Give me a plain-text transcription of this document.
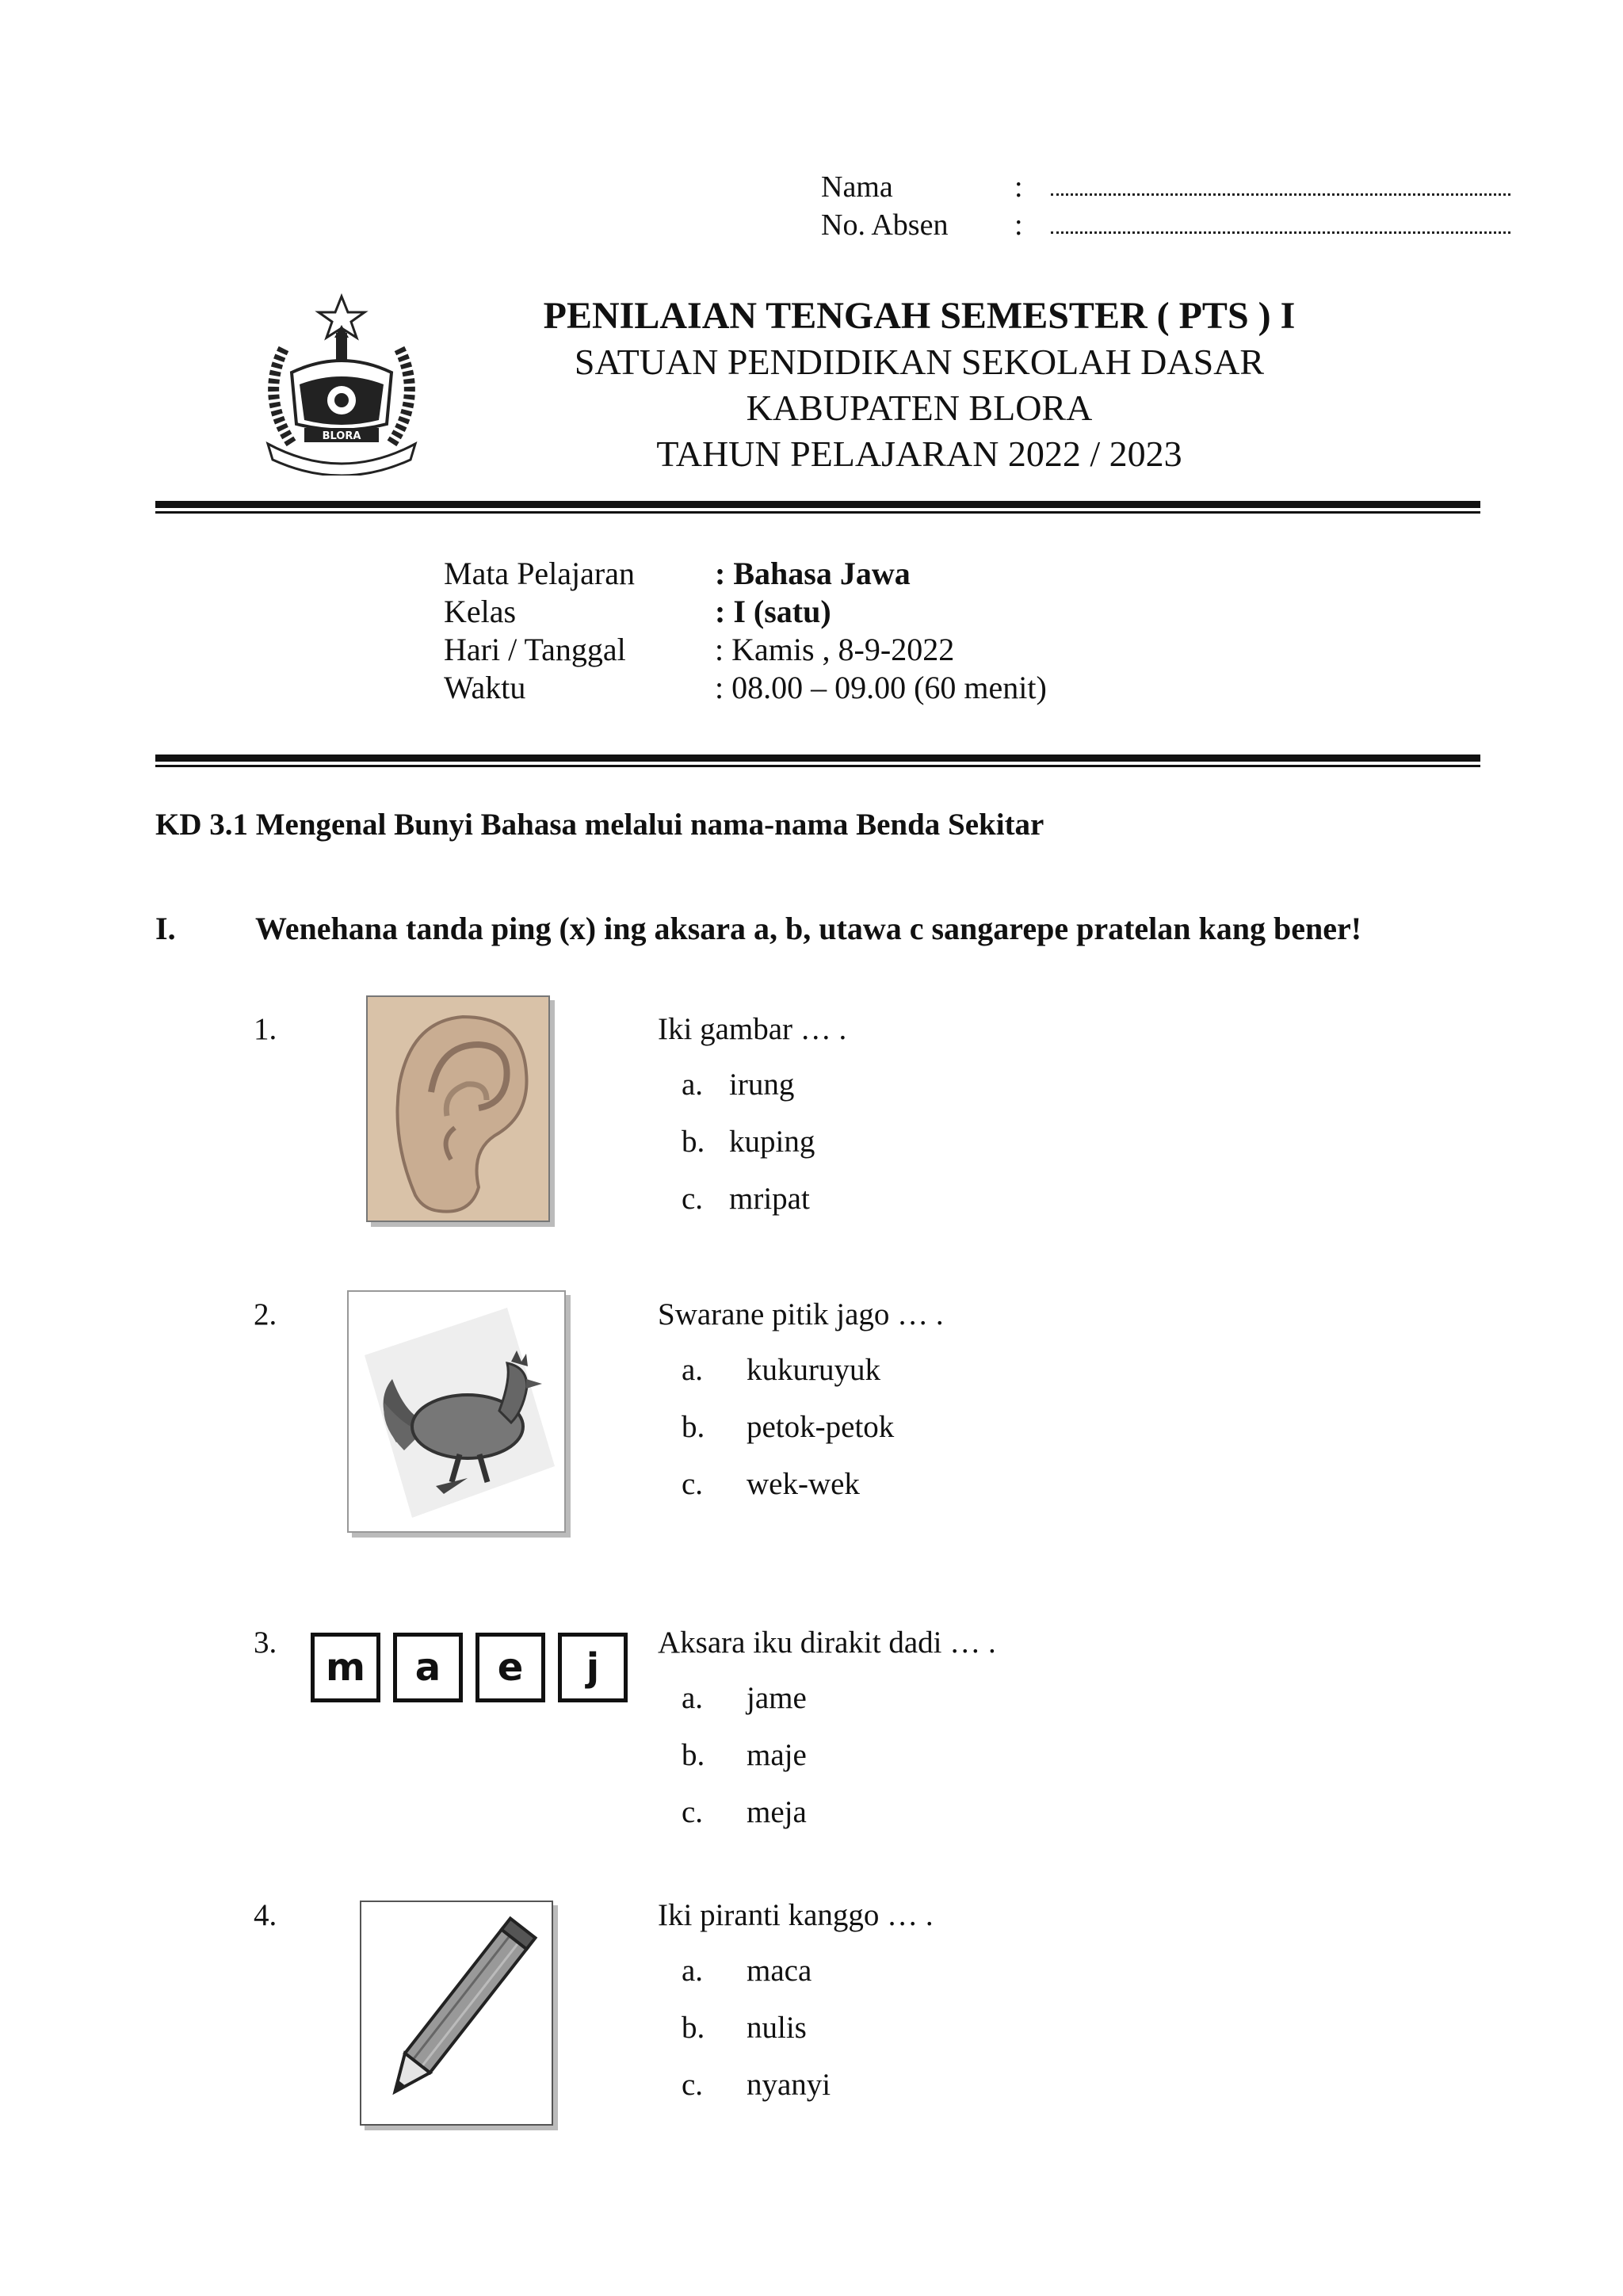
Nama	:
No. Absen	:
BLORA
PENILAIAN TENGAH SEMESTER ( PTS ) I
SATUAN PENDIDIKAN SEKOLAH DASAR
KABUPATEN BLORA
TAHUN PELAJARAN 2022 / 2023
Mata Pelajaran	: Bahasa Jawa
Kelas	: I (satu)
Hari / Tanggal	: Kamis , 8-9-2022
Waktu	: 08.00 – 09.00 (60 menit)
KD 3.1 Mengenal Bunyi Bahasa melalui nama-nama Benda Sekitar
I.	Wenehana tanda ping (x) ing aksara a, b, utawa c sangarepe pratelan kang bener!
1.	Iki gambar … .
a. irung
b. kuping
c. mripat
2.	Swarane pitik jago … .
a.	kukuruyuk
b.	petok-petok
c.	wek-wek
3.
m	a	e	j
Aksara iku dirakit dadi … .
a.	jame
b.	maje
c.	meja
4.	Iki piranti kanggo … .
a.	maca
b.	nulis
c.	nyanyi
